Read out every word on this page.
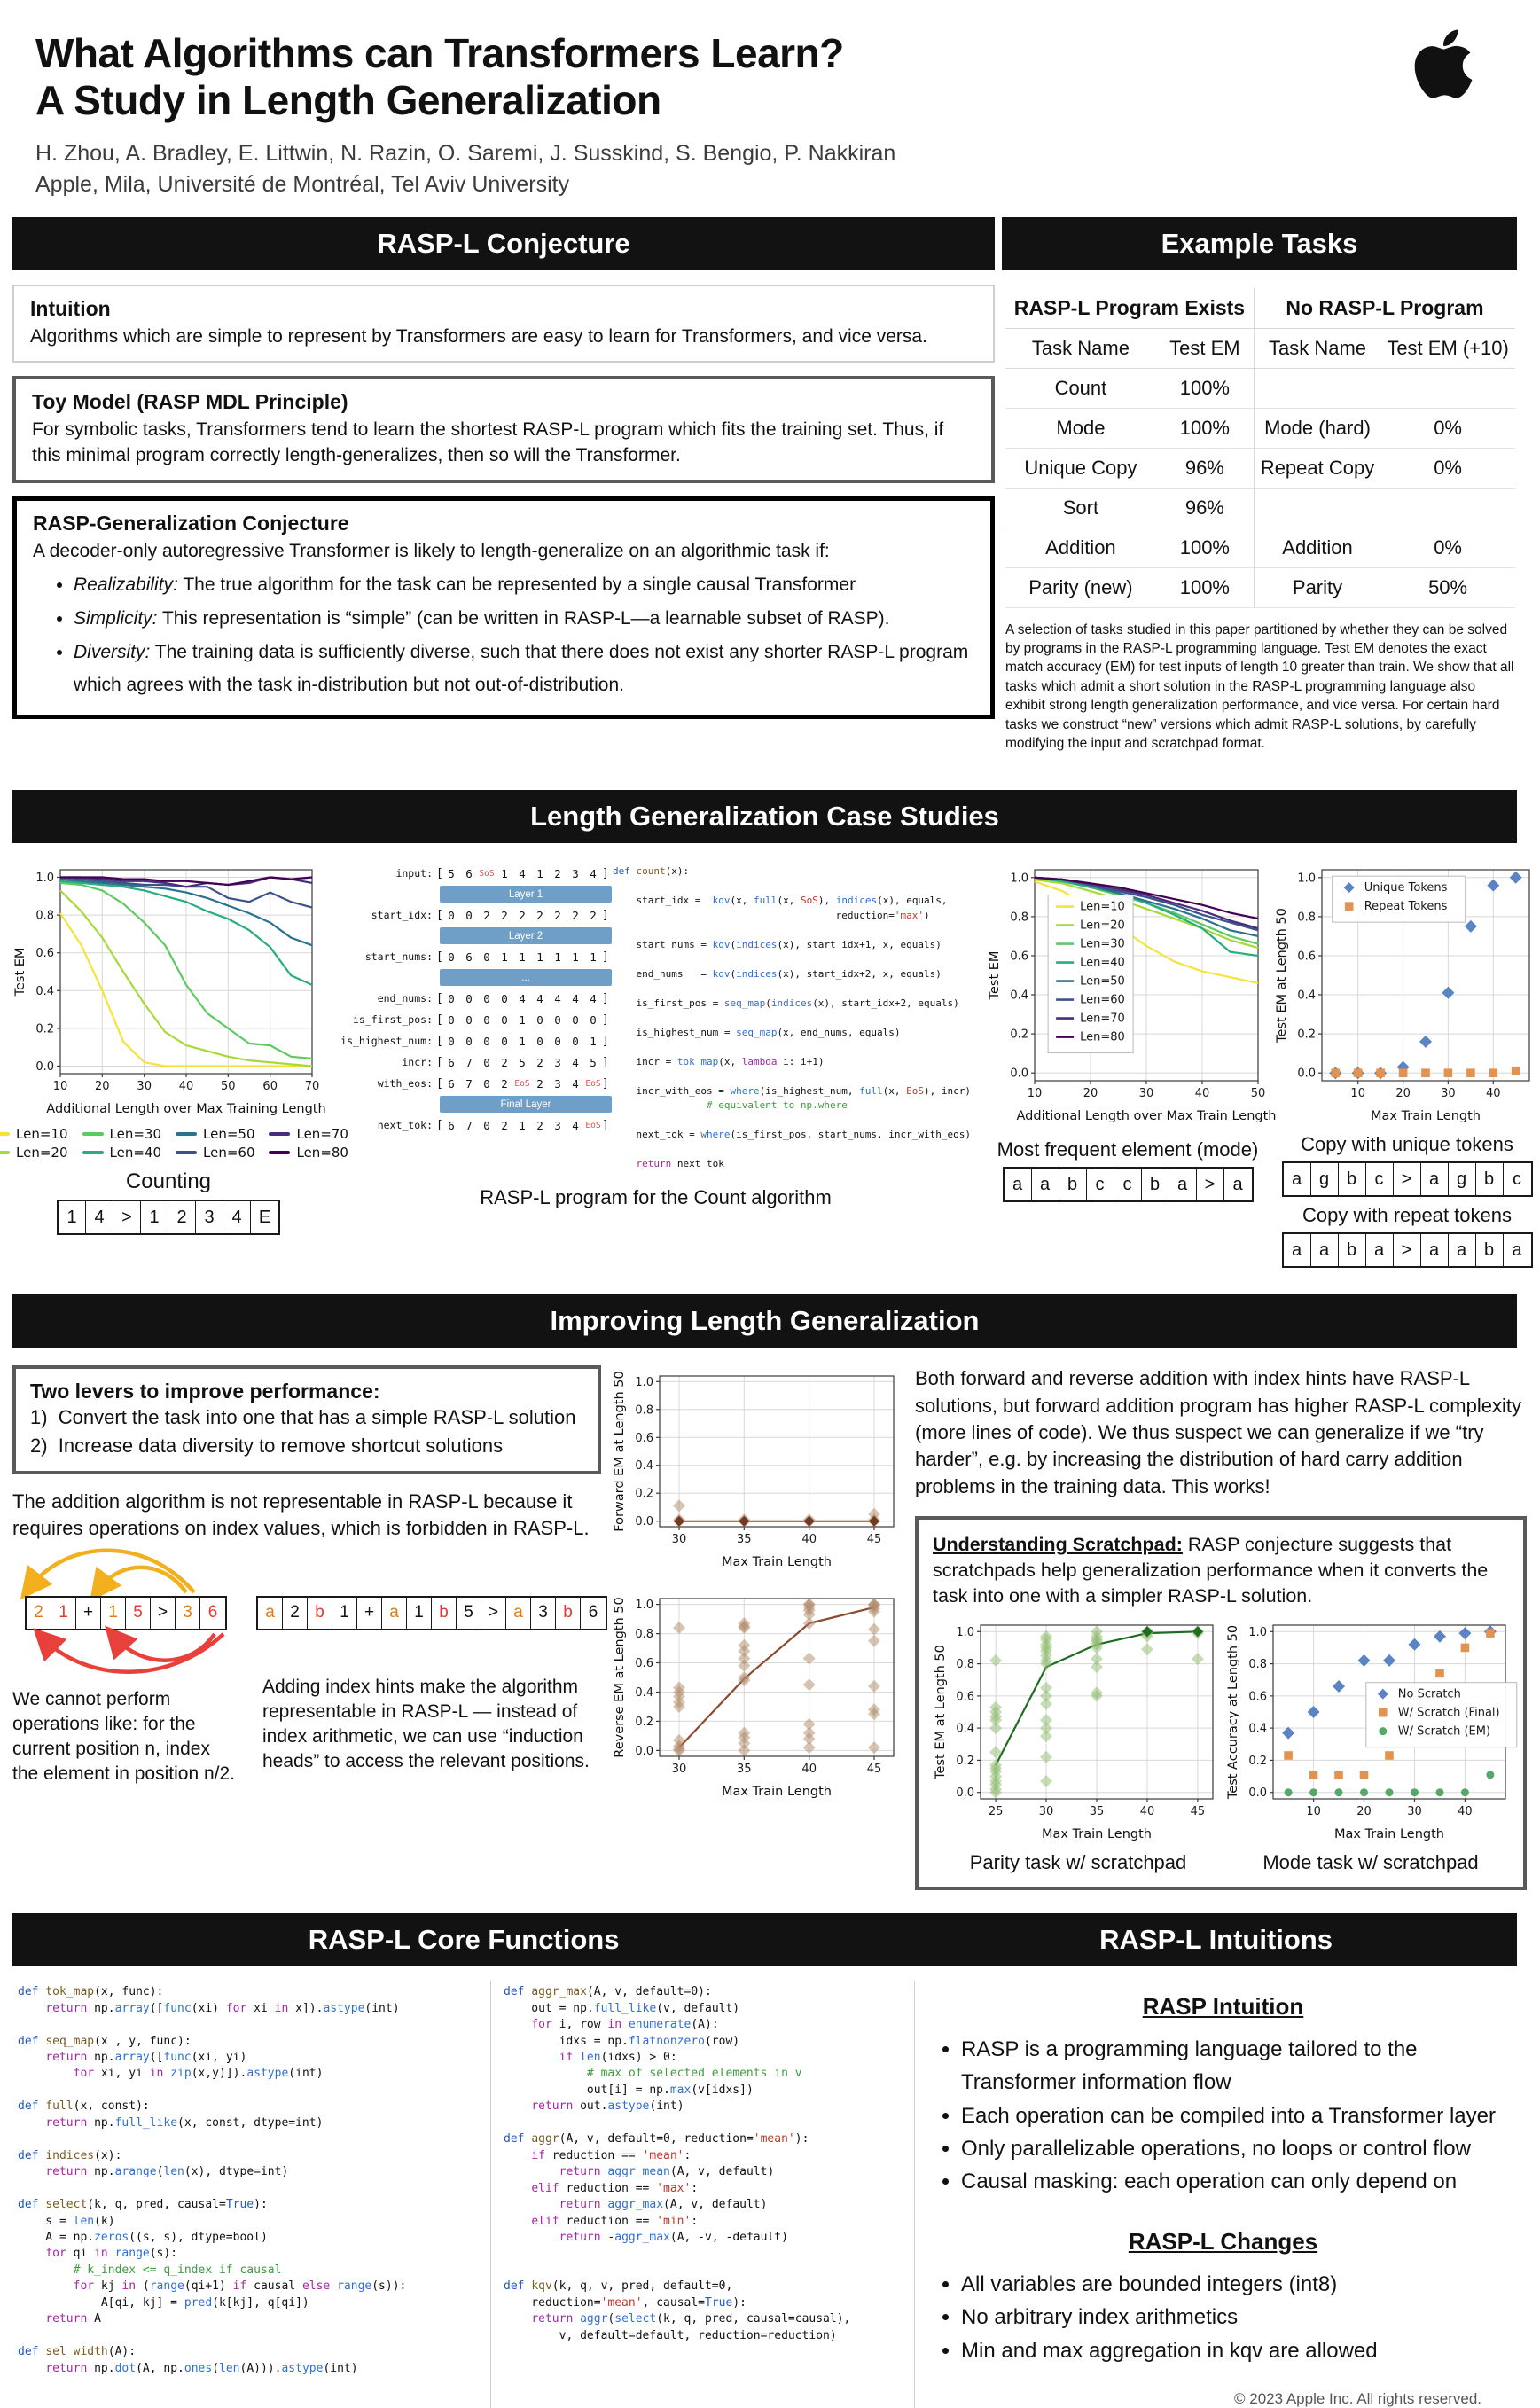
What Algorithms can Transformers Learn?
A Study in Length Generalization
H. Zhou, A. Bradley, E. Littwin, N. Razin, O. Saremi, J. Susskind, S. Bengio, P. Nakkiran
Apple, Mila, Université de Montréal, Tel Aviv University
RASP-L Conjecture	Example Tasks
Intuition

Algorithms which are simple to represent by Transformers are easy to learn for Transformers, and vice versa.

Toy Model (RASP MDL Principle)

For symbolic tasks, Transformers tend to learn the shortest RASP-L program which fits the training set. Thus, if this minimal program correctly length-generalizes, then so will the Transformer.

RASP-Generalization Conjecture

A decoder-only autoregressive Transformer is likely to length-generalize on an algorithmic task if:

• Realizability: The true algorithm for the task can be represented by a single causal Transformer
• Simplicity: This representation is “simple” (can be written in RASP-L—a learnable subset of RASP).
• Diversity: The training data is sufficiently diverse, such that there does not exist any shorter RASP-L program which agrees with the task in-distribution but not out-of-distribution.
RASP-L Program Exists		No RASP-L Program	
Task Name	Test EM	Task Name	Test EM (+10)
Count	100%		
Mode	100%	Mode (hard)	0%
Unique Copy	96%	Repeat Copy	0%
Sort	96%		
Addition	100%	Addition	0%
Parity (new)	100%	Parity	50%

A selection of tasks studied in this paper partitioned by whether they can be solved by programs in the RASP-L programming language. Test EM denotes the exact match accuracy (EM) for test inputs of length 10 greater than train. We show that all tasks which admit a short solution in the RASP-L programming language also exhibit strong length generalization performance, and vice versa. For certain hard tasks we construct “new” versions which admit RASP-L solutions, by carefully modifying the input and scratchpad format.

Length Generalization Case Studies
10 20 30 40 50 60 70
0.0
0.2
0.4
0.6
0.8
1.0
Additional Length over Max Training Length
Test EM
Len=10	Len=30	Len=50	Len=70
Len=20	Len=40	Len=60	Len=80
Counting
1 4 > 1 2 3 4 E
input: [ 5 6 SoS 1 4 1 2 3 4 ]
Layer 1
start_idx: [ 0 0 2 2 2 2 2 2 2 ]
Layer 2
start_nums: [ 0 6 0 1 1 1 1 1 1 ]
...
end_nums: [ 0 0 0 0 4 4 4 4 4 ]
is_first_pos: [ 0 0 0 0 1 0 0 0 0 ]
is_highest_num: [ 0 0 0 0 1 0 0 0 1 ]
incr: [ 6 7 0 2 5 2 3 4 5 ]
with_eos: [ 6 7 0 2 EoS 2 3 4 EoS ]
Final Layer
next_tok: [ 6 7 0 2 1 2 3 4 EoS ]
def count(x):

start_idx =  kqv(x, full(x, SoS), indices(x), equals,
reduction='max')

start_nums = kqv(indices(x), start_idx+1, x, equals)

end_nums   = kqv(indices(x), start_idx+2, x, equals)

is_first_pos = seq_map(indices(x), start_idx+2, equals)

is_highest_num = seq_map(x, end_nums, equals)

incr = tok_map(x, lambda i: i+1)

incr_with_eos = where(is_highest_num, full(x, EoS), incr)
# equivalent to np.where

next_tok = where(is_first_pos, start_nums, incr_with_eos)

return next_tok
RASP-L program for the Count algorithm
10	20	30	40	50
0.0
0.2
0.4
0.6
0.8
1.0
Additional Length over Max Train Length
Test EM
Len=10
Len=20
Len=30
Len=40
Len=50
Len=60
Len=70
Len=80
Most frequent element (mode)
a a b	c	c	b a >	a
10	20	30	40
0.0
0.2
0.4
0.6
0.8
1.0
Max Train Length
Test EM at Length 50
Unique Tokens
Repeat Tokens
Copy with unique tokens
a g b	c	> a g b	c
Copy with repeat tokens
a a b a > a a b	a
Improving Length Generalization
Two levers to improve performance:
1)  Convert the task into one that has a simple RASP-L solution
2)  Increase data diversity to remove shortcut solutions

The addition algorithm is not representable in RASP-L because it requires operations on index values, which is forbidden in RASP-L.

2 1 + 1 5 > 3 6

We cannot perform operations like: for the current position n, index the element in position n/2.

a 2 b 1 + a 1 b 5 > a 3 b 6

Adding index hints make the algorithm representable in RASP-L — instead of index arithmetic, we can use “induction heads” to access the relevant positions.

30	35	40	45
0.0
0.2
0.4
0.6
0.8
1.0
Max Train Length
Forward EM at Length 50
30	35	40	45
0.0
0.2
0.4
0.6
0.8
1.0
Max Train Length
Reverse EM at Length 50

Both forward and reverse addition with index hints have RASP-L solutions, but forward addition program has higher RASP-L complexity (more lines of code). We thus suspect we can generalize if we “try harder”, e.g. by increasing the distribution of hard carry addition problems in the training data. This works!

Understanding Scratchpad: RASP conjecture suggests that scratchpads help generalization performance when it converts the task into one with a simpler RASP-L solution.

25	30	35	40	45
0.0
0.2
0.4
0.6
0.8
1.0
Max Train Length
Test EM at Length 50
Parity task w/ scratchpad
10	20	30	40
0.0
0.2
0.4
0.6
0.8
1.0
Max Train Length
Test Accuracy at Length 50	No Scratch
W/ Scratch (Final)
W/ Scratch (EM)
Mode task w/ scratchpad
RASP-L Core Functions	RASP-L Intuitions
def tok_map(x, func):
return np.array([func(xi) for xi in x]).astype(int)

def seq_map(x , y, func):
return np.array([func(xi, yi)
for xi, yi in zip(x,y)]).astype(int)

def full(x, const):
return np.full_like(x, const, dtype=int)

def indices(x):
return np.arange(len(x), dtype=int)

def select(k, q, pred, causal=True):
s = len(k)
A = np.zeros((s, s), dtype=bool)
for qi in range(s):
# k_index <= q_index if causal
for kj in (range(qi+1) if causal else range(s)):
A[qi, kj] = pred(k[kj], q[qi])
return A

def sel_width(A):
return np.dot(A, np.ones(len(A))).astype(int)
def aggr_max(A, v, default=0):
out = np.full_like(v, default)
for i, row in enumerate(A):
idxs = np.flatnonzero(row)
if len(idxs) > 0:
# max of selected elements in v
out[i] = np.max(v[idxs])
return out.astype(int)

def aggr(A, v, default=0, reduction='mean'):
if reduction == 'mean':
return aggr_mean(A, v, default)
elif reduction == 'max':
return aggr_max(A, v, default)
elif reduction == 'min':
return -aggr_max(A, -v, -default)

def kqv(k, q, v, pred, default=0,
reduction='mean', causal=True):
return aggr(select(k, q, pred, causal=causal),
v, default=default, reduction=reduction)
RASP Intuition
• RASP is a programming language tailored to the Transformer information flow
• Each operation can be compiled into a Transformer layer
• Only parallelizable operations, no loops or control flow
• Causal masking: each operation can only depend on
RASP-L Changes
• All variables are bounded integers (int8)
• No arbitrary index arithmetics
• Min and max aggregation in kqv are allowed
© 2023 Apple Inc. All rights reserved.
